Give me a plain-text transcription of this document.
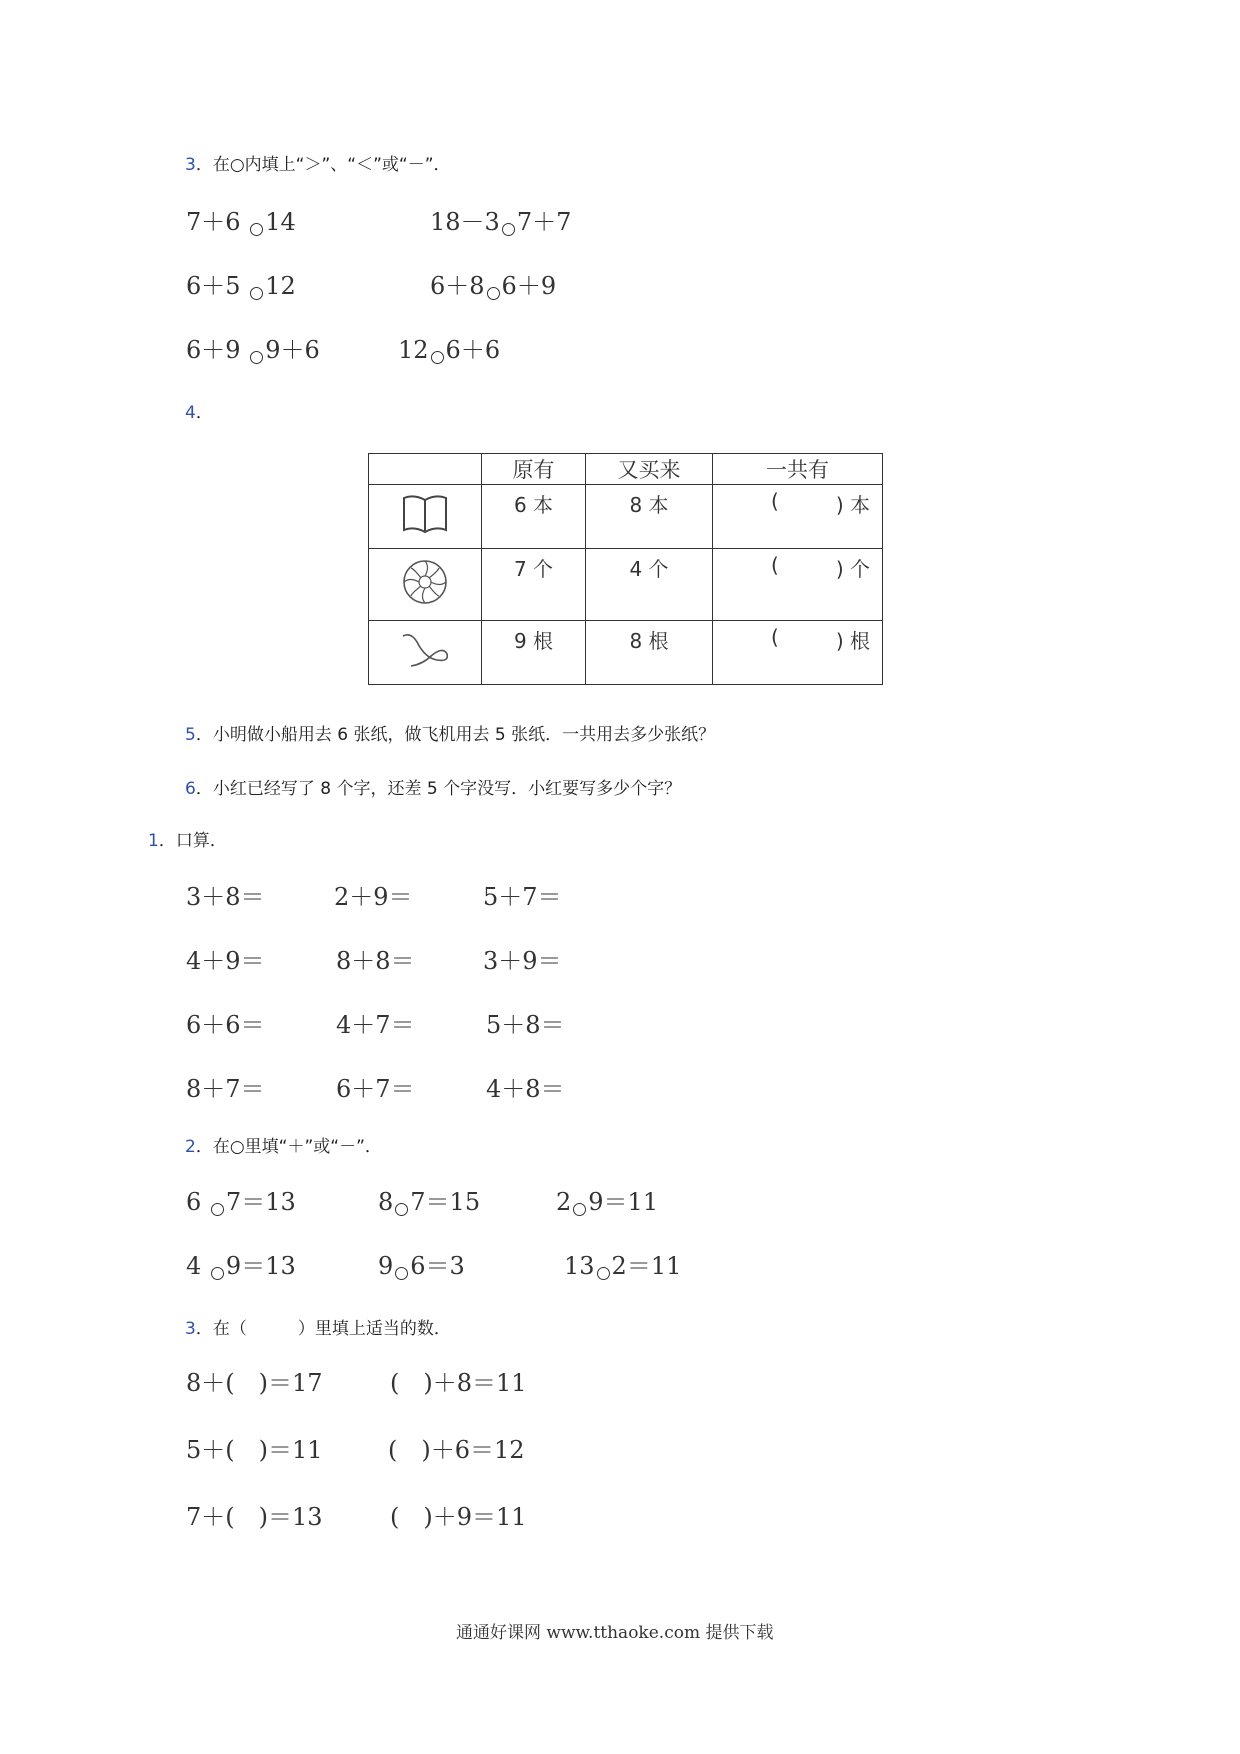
3．在○内填上“＞”、“＜”或“－”．
7＋6 14	18－3 7＋7
6＋5 12	6＋8 6＋9
6＋9 9＋6	12 6＋6
4．
	原有	又买来	一共有

6 本	8 本	( ) 本

7 个	4 个	( ) 个

9 根	8 根	( ) 根
5．小明做小船用去 6 张纸，做飞机用去 5 张纸．一共用去多少张纸？
6．小红已经写了 8 个字，还差 5 个字没写．小红要写多少个字？
1．口算．
3＋8＝	2＋9＝	5＋7＝
4＋9＝	8＋8＝	3＋9＝
6＋6＝	4＋7＝	5＋8＝
8＋7＝	6＋7＝	4＋8＝
2．在○里填“＋”或“－”．
6 7＝13	8 7＝15	2 9＝11
4 9＝13	9 6＝3	13 2＝11
3．在（　　　）里填上适当的数．
8＋(　)＝17	(　)＋8＝11
5＋(　)＝11	(　)＋6＝12
7＋(　)＝13	(　)＋9＝11
通通好课网 www.tthaoke.com 提供下载
